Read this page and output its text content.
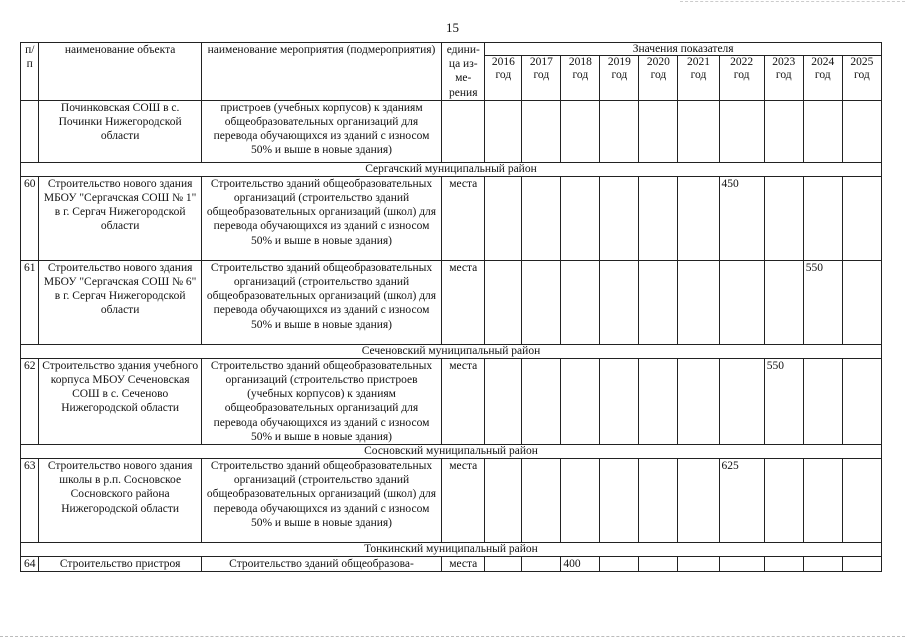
15
п/п	наименование объекта	наименование мероприятия (подмероприятия)	едини-ца из-ме-рения	Значения показателя									
				2016 год	2017 год	2018 год	2019 год	2020 год	2021 год	2022 год	2023 год	2024 год	2025 год
	Починковская СОШ в с. Починки Нижегородской области	пристроев (учебных корпусов) к зданиям общеобразовательных организаций для перевода обучающихся из зданий с износом 50% и выше в новые здания)											
Сергачский муниципальный район													
60	Строительство нового здания МБОУ "Сергачская СОШ № 1" в г. Сергач Нижегородской области	Строительство зданий общеобразовательных организаций (строительство зданий общеобразовательных организаций (школ) для перевода обучающихся из зданий с износом 50% и выше в новые здания)	места							450			
61	Строительство нового здания МБОУ "Сергачская СОШ № 6" в г. Сергач Нижегородской области	Строительство зданий общеобразовательных организаций (строительство зданий общеобразовательных организаций (школ) для перевода обучающихся из зданий с износом 50% и выше в новые здания)	места									550	
Сеченовский муниципальный район													
62	Строительство здания учебного корпуса МБОУ Сеченовская СОШ в с. Сеченово Нижегородской области	Строительство зданий общеобразовательных организаций (строительство пристроев (учебных корпусов) к зданиям общеобразовательных организаций для перевода обучающихся из зданий с износом 50% и выше в новые здания)	места								550		
Сосновский муниципальный район													
63	Строительство нового здания школы в р.п. Сосновское Сосновского района Нижегородской области	Строительство зданий общеобразовательных организаций (строительство зданий общеобразовательных организаций (школ) для перевода обучающихся из зданий с износом 50% и выше в новые здания)	места							625			
Тонкинский муниципальный район													
64	Строительство пристроя	Строительство зданий общеобразова-	места			400							
